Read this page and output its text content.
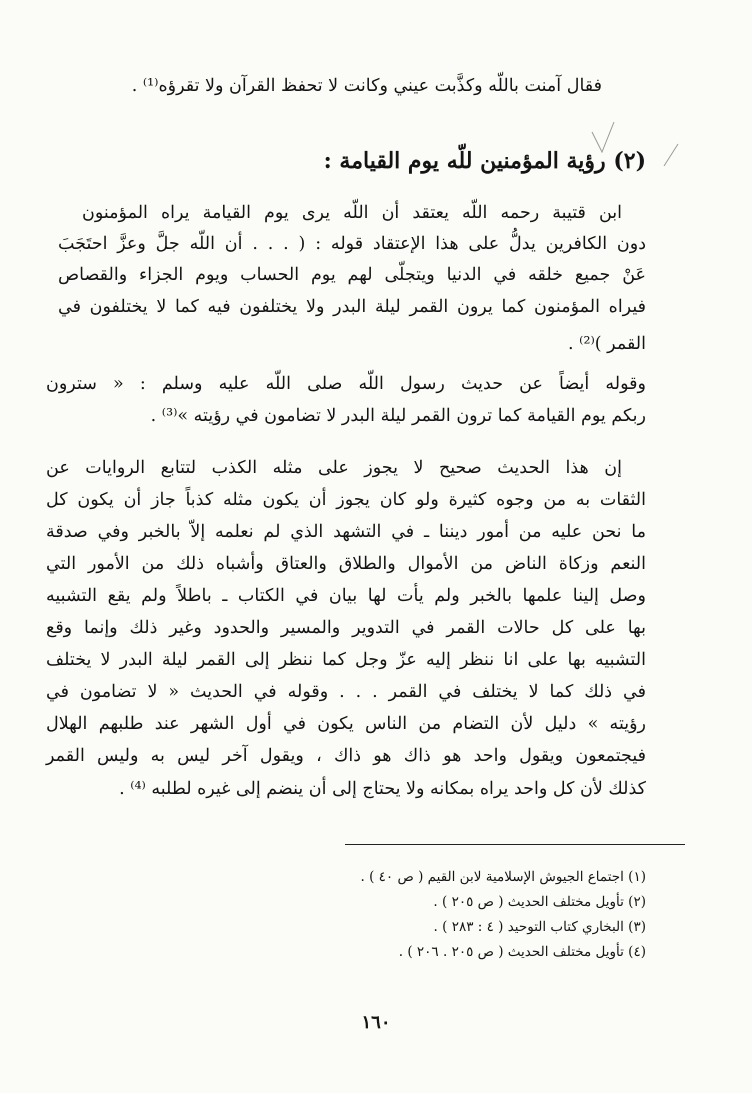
فقال آمنت باللّه وكذَّبت عيني وكانت لا تحفظ القرآن ولا تقرؤه⁽¹⁾ .
(٢) رؤية المؤمنين للّه يوم القيامة :
ابن قتيبة رحمه اللّه يعتقد أن اللّه يرى يوم القيامة يراه المؤمنون
دون الكافرين يدلُّ على هذا الإعتقاد قوله : ( . . . أن اللّه جلَّ وعزَّ احتَجَبَ
عَنْ جميع خلقه في الدنيا ويتجلّى لهم يوم الحساب ويوم الجزاء والقصاص
فيراه المؤمنون كما يرون القمر ليلة البدر ولا يختلفون فيه كما لا يختلفون في
القمر )⁽²⁾ .
وقوله أيضاً عن حديث رسول اللّه صلى اللّه عليه وسلم : « سترون
ربكم يوم القيامة كما ترون القمر ليلة البدر لا تضامون في رؤيته »⁽³⁾ .
إن هذا الحديث صحيح لا يجوز على مثله الكذب لتتابع الروايات عن
الثقات به من وجوه كثيرة ولو كان يجوز أن يكون مثله كذباً جاز أن يكون كل
ما نحن عليه من أمور ديننا ـ في التشهد الذي لم نعلمه إلاّ بالخبر وفي صدقة
النعم وزكاة الناض من الأموال والطلاق والعتاق وأشباه ذلك من الأمور التي
وصل إلينا علمها بالخبر ولم يأت لها بيان في الكتاب ـ باطلاً ولم يقع التشبيه
بها على كل حالات القمر في التدوير والمسير والحدود وغير ذلك وإنما وقع
التشبيه بها على انا ننظر إليه عزّ وجل كما ننظر إلى القمر ليلة البدر لا يختلف
في ذلك كما لا يختلف في القمر . . . وقوله في الحديث « لا تضامون في
رؤيته » دليل لأن التضام من الناس يكون في أول الشهر عند طلبهم الهلال
فيجتمعون ويقول واحد هو ذاك هو ذاك ، ويقول آخر ليس به وليس القمر
كذلك لأن كل واحد يراه بمكانه ولا يحتاج إلى أن ينضم إلى غيره لطلبه ⁽⁴⁾ .
(١) اجتماع الجيوش الإسلامية لابن القيم ( ص ٤٠ ) .
(٢) تأويل مختلف الحديث ( ص ٢٠٥ ) .
(٣) البخاري كتاب التوحيد ( ٤ : ٢٨٣ ) .
(٤) تأويل مختلف الحديث ( ص ٢٠٥ . ٢٠٦ ) .
١٦٠
